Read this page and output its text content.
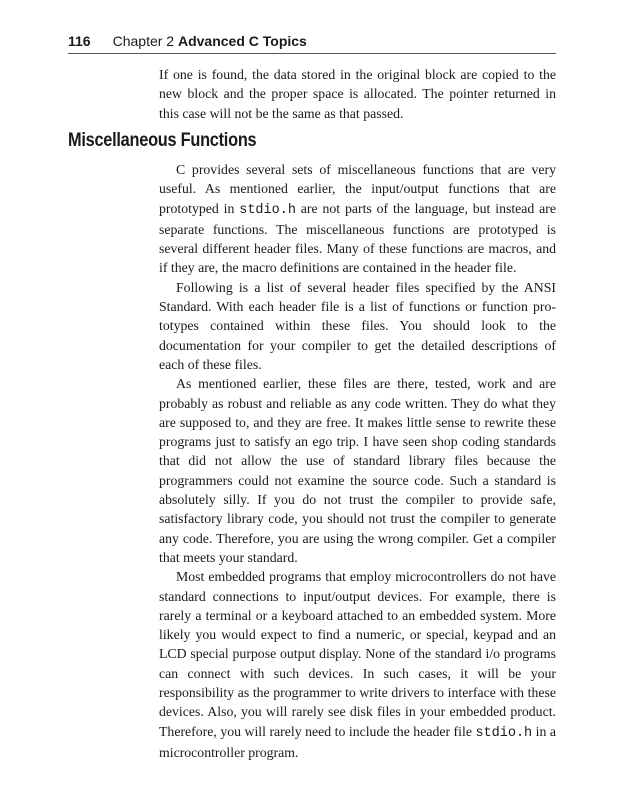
116 Chapter 2 Advanced C Topics

If one is found, the data stored in the original block are copied to the new block and the proper space is allocated. The pointer returned in this case will not be the same as that passed.

Miscellaneous Functions

C provides several sets of miscellaneous functions that are very useful. As mentioned earlier, the input/output functions that are prototyped in stdio.h are not parts of the language, but instead are separate functions. The miscellaneous functions are prototyped is several different header files. Many of these functions are macros, and if they are, the macro definitions are contained in the header file.

Following is a list of several header files specified by the ANSI Standard. With each header file is a list of functions or function prototypes contained within these files. You should look to the documentation for your compiler to get the detailed descriptions of each of these files.

As mentioned earlier, these files are there, tested, work and are probably as robust and reliable as any code written. They do what they are supposed to, and they are free. It makes little sense to rewrite these programs just to satisfy an ego trip. I have seen shop coding standards that did not allow the use of standard library files because the programmers could not examine the source code. Such a standard is absolutely silly. If you do not trust the compiler to provide safe, satisfactory library code, you should not trust the compiler to generate any code. Therefore, you are using the wrong compiler. Get a compiler that meets your standard.

Most embedded programs that employ microcontrollers do not have standard connections to input/output devices. For example, there is rarely a terminal or a keyboard attached to an embedded system. More likely you would expect to find a numeric, or special, keypad and an LCD special purpose output display. None of the standard i/o programs can connect with such devices. In such cases, it will be your responsibility as the programmer to write drivers to interface with these devices. Also, you will rarely see disk files in your embedded product. Therefore, you will rarely need to include the header file stdio.h in a microcontroller program.
